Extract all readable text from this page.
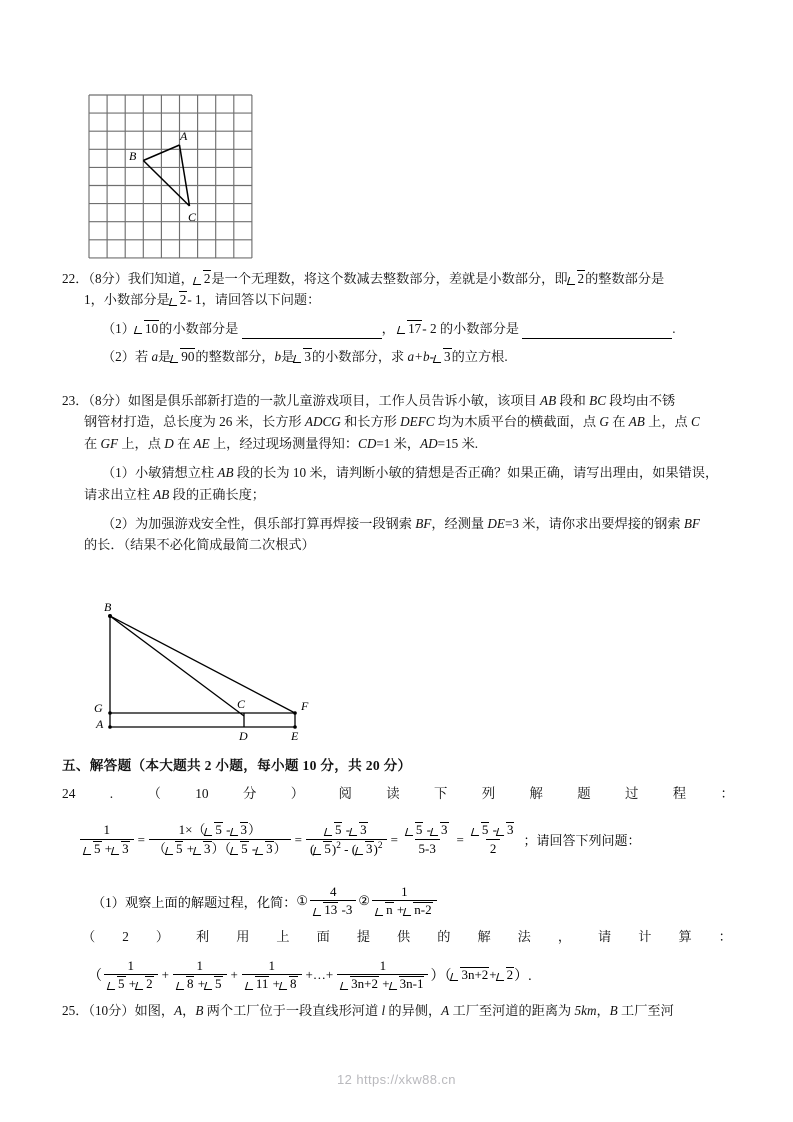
A
B
C
22．（8分）我们知道， 2是一个无理数，将这个数减去整数部分，差就是小数部分，即 2的整数部分是
1，小数部分是 2- 1，请回答以下问题：
（1） 10的小数部分是	， 17- 2 的小数部分是	.
（2）若 a是 90的整数部分，b是 3的小数部分，求 a+b- 3的立方根.
23．（8分）如图是俱乐部新打造的一款儿童游戏项目，工作人员告诉小敏，该项目 AB 段和 BC 段均由不锈
钢管材打造，总长度为 26 米，长方形 ADCG 和长方形 DEFC 均为木质平台的横截面，点 G 在 AB 上，点 C
在 GF 上，点 D 在 AE 上，经过现场测量得知：CD=1 米，AD=15 米.
（1）小敏猜想立柱 AB 段的长为 10 米，请判断小敏的猜想是否正确？如果正确，请写出理由，如果错误，
请求出立柱 AB 段的正确长度；
（2）为加强游戏安全性，俱乐部打算再焊接一段钢索 BF，经测量 DE=3 米，请你求出要焊接的钢索 BF
的长．（结果不必化简成最简二次根式）
B
G	C	F
A
D	E
五、解答题（本大题共 2 小题，每小题 10 分，共 20 分）
24	.	（	10	分	）	阅	读	下	列	解	题	过	程	：
$\frac{1}{5 + 3} = \frac{1\times( 5 - 3)}{( 5 + 3)( 5 - 3)} = \frac{5 - 3}{( 5)^2 - ( 3)^2} = \frac{5 - 3}{5-3} = \frac{5 - 3}{2}$ ；请回答下列问题：
（1）观察上面的解题过程，化简： ① $\frac{4}{13 -3}$ ② $\frac{1}{n + n-2}$
（ 2 ） 利 用 上 面 提 供 的 解 法 ， 请 计 算 ：
（ $\frac{1}{5 + 2} + \frac{1}{8 + 5} + \frac{1}{11 + 8}$ +…+ $\frac{1}{3n+2 + 3n-1}$ ）（ 3n+2 + 2 ）.
25．（10分）如图，A，B 两个工厂位于一段直线形河道 l 的异侧，A 工厂至河道的距离为 5km，B 工厂至河
12 https://xkw88.cn
